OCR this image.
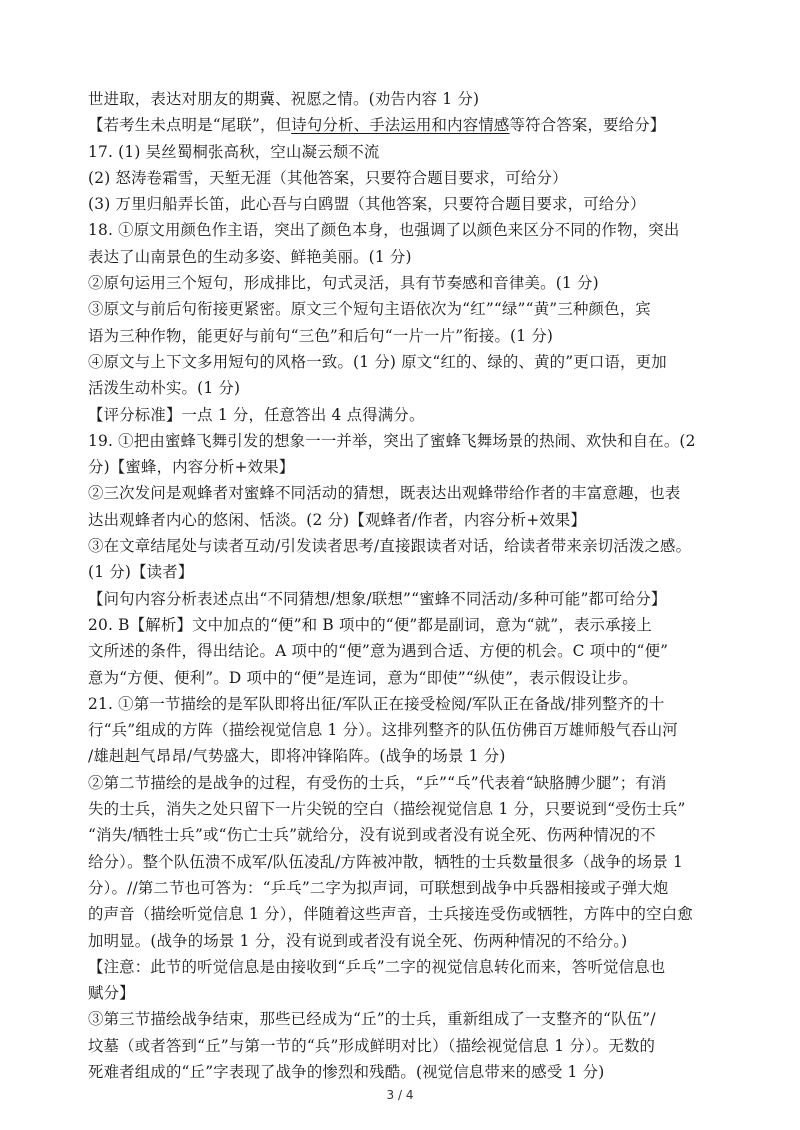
世进取，表达对朋友的期冀、祝愿之情。(劝告内容 1 分)
【若考生未点明是“尾联”，但诗句分析、手法运用和内容情感等符合答案，要给分】
17. (1) 吴丝蜀桐张高秋，空山凝云颓不流
(2) 怒涛卷霜雪，天堑无涯（其他答案，只要符合题目要求，可给分）
(3) 万里归船弄长笛，此心吾与白鸥盟（其他答案，只要符合题目要求，可给分）
18. ①原文用颜色作主语，突出了颜色本身，也强调了以颜色来区分不同的作物，突出
表达了山南景色的生动多姿、鲜艳美丽。(1 分)
②原句运用三个短句，形成排比，句式灵活，具有节奏感和音律美。(1 分)
③原文与前后句衔接更紧密。原文三个短句主语依次为“红”“绿”“黄”三种颜色，宾
语为三种作物，能更好与前句“三色”和后句“一片一片”衔接。(1 分)
④原文与上下文多用短句的风格一致。(1 分) 原文“红的、绿的、黄的”更口语，更加
活泼生动朴实。(1 分)
【评分标准】一点 1 分，任意答出 4 点得满分。
19. ①把由蜜蜂飞舞引发的想象一一并举，突出了蜜蜂飞舞场景的热闹、欢快和自在。(2
分)【蜜蜂，内容分析+效果】
②三次发问是观蜂者对蜜蜂不同活动的猜想，既表达出观蜂带给作者的丰富意趣，也表
达出观蜂者内心的悠闲、恬淡。(2 分)【观蜂者/作者，内容分析+效果】
③在文章结尾处与读者互动/引发读者思考/直接跟读者对话，给读者带来亲切活泼之感。
(1 分)【读者】
【问句内容分析表述点出“不同猜想/想象/联想”“蜜蜂不同活动/多种可能”都可给分】
20. B【解析】文中加点的“便”和 B 项中的“便”都是副词，意为“就”，表示承接上
文所述的条件，得出结论。A 项中的“便”意为遇到合适、方便的机会。C 项中的“便”
意为“方便、便利”。D 项中的“便”是连词，意为“即使”“纵使”，表示假设让步。
21. ①第一节描绘的是军队即将出征/军队正在接受检阅/军队正在备战/排列整齐的十
行“兵”组成的方阵（描绘视觉信息 1 分）。这排列整齐的队伍仿佛百万雄师般气吞山河
/雄赳赳气昂昂/气势盛大，即将冲锋陷阵。(战争的场景 1 分)
②第二节描绘的是战争的过程，有受伤的士兵，“乒”“乓”代表着“缺胳膊少腿”；有消
失的士兵，消失之处只留下一片尖锐的空白（描绘视觉信息 1 分，只要说到“受伤士兵”
“消失/牺牲士兵”或“伤亡士兵”就给分，没有说到或者没有说全死、伤两种情况的不
给分）。整个队伍溃不成军/队伍凌乱/方阵被冲散，牺牲的士兵数量很多（战争的场景 1
分）。//第二节也可答为：“乒乓”二字为拟声词，可联想到战争中兵器相接或子弹大炮
的声音（描绘听觉信息 1 分），伴随着这些声音，士兵接连受伤或牺牲，方阵中的空白愈
加明显。(战争的场景 1 分，没有说到或者没有说全死、伤两种情况的不给分。)
【注意：此节的听觉信息是由接收到“乒乓”二字的视觉信息转化而来，答听觉信息也
赋分】
③第三节描绘战争结束，那些已经成为“丘”的士兵，重新组成了一支整齐的“队伍”/
坟墓（或者答到“丘”与第一节的“兵”形成鲜明对比）（描绘视觉信息 1 分）。无数的
死难者组成的“丘”字表现了战争的惨烈和残酷。(视觉信息带来的感受 1 分)
3 / 4
